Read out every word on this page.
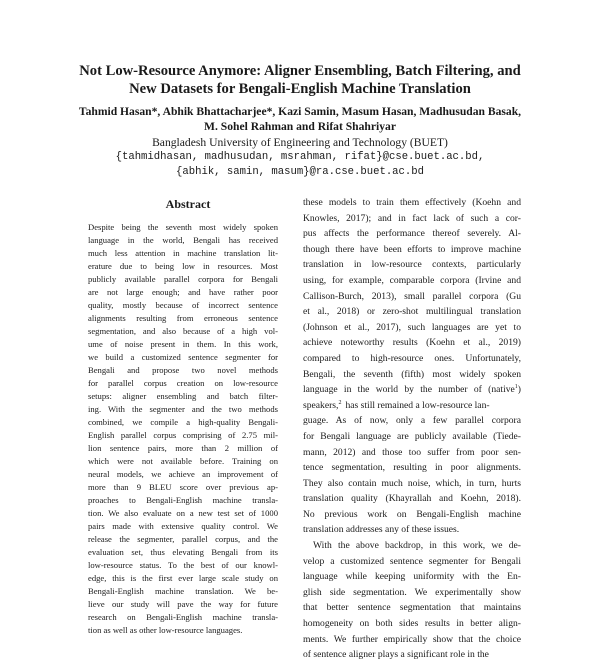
Not Low-Resource Anymore: Aligner Ensembling, Batch Filtering, and
New Datasets for Bengali-English Machine Translation
Tahmid Hasan*, Abhik Bhattacharjee*, Kazi Samin, Masum Hasan, Madhusudan Basak,
M. Sohel Rahman and Rifat Shahriyar
Bangladesh University of Engineering and Technology (BUET)
{tahmidhasan, madhusudan, msrahman, rifat}@cse.buet.ac.bd,
{abhik, samin, masum}@ra.cse.buet.ac.bd
Abstract
Despite being the seventh most widely spoken
language in the world, Bengali has received
much less attention in machine translation lit-
erature due to being low in resources. Most
publicly available parallel corpora for Bengali
are not large enough; and have rather poor
quality, mostly because of incorrect sentence
alignments resulting from erroneous sentence
segmentation, and also because of a high vol-
ume of noise present in them. In this work,
we build a customized sentence segmenter for
Bengali and propose two novel methods
for parallel corpus creation on low-resource
setups: aligner ensembling and batch filter-
ing. With the segmenter and the two methods
combined, we compile a high-quality Bengali-
English parallel corpus comprising of 2.75 mil-
lion sentence pairs, more than 2 million of
which were not available before. Training on
neural models, we achieve an improvement of
more than 9 BLEU score over previous ap-
proaches to Bengali-English machine transla-
tion. We also evaluate on a new test set of 1000
pairs made with extensive quality control. We
release the segmenter, parallel corpus, and the
evaluation set, thus elevating Bengali from its
low-resource status. To the best of our knowl-
edge, this is the first ever large scale study on
Bengali-English machine translation. We be-
lieve our study will pave the way for future
research on Bengali-English machine transla-
tion as well as other low-resource languages.
these models to train them effectively (Koehn and
Knowles, 2017); and in fact lack of such a cor-
pus affects the performance thereof severely. Al-
though there have been efforts to improve machine
translation in low-resource contexts, particularly
using, for example, comparable corpora (Irvine and
Callison-Burch, 2013), small parallel corpora (Gu
et al., 2018) or zero-shot multilingual translation
(Johnson et al., 2017), such languages are yet to
achieve noteworthy results (Koehn et al., 2019)
compared to high-resource ones. Unfortunately,
Bengali, the seventh (fifth) most widely spoken
language in the world by the number of (native$^1$)
speakers,$^2$ has still remained a low-resource lan-
guage. As of now, only a few parallel corpora
for Bengali language are publicly available (Tiede-
mann, 2012) and those too suffer from poor sen-
tence segmentation, resulting in poor alignments.
They also contain much noise, which, in turn, hurts
translation quality (Khayrallah and Koehn, 2018).
No previous work on Bengali-English machine
translation addresses any of these issues.
With the above backdrop, in this work, we de-
velop a customized sentence segmenter for Bengali
language while keeping uniformity with the En-
glish side segmentation. We experimentally show
that better sentence segmentation that maintains
homogeneity on both sides results in better align-
ments. We further empirically show that the choice
of sentence aligner plays a significant role in the
